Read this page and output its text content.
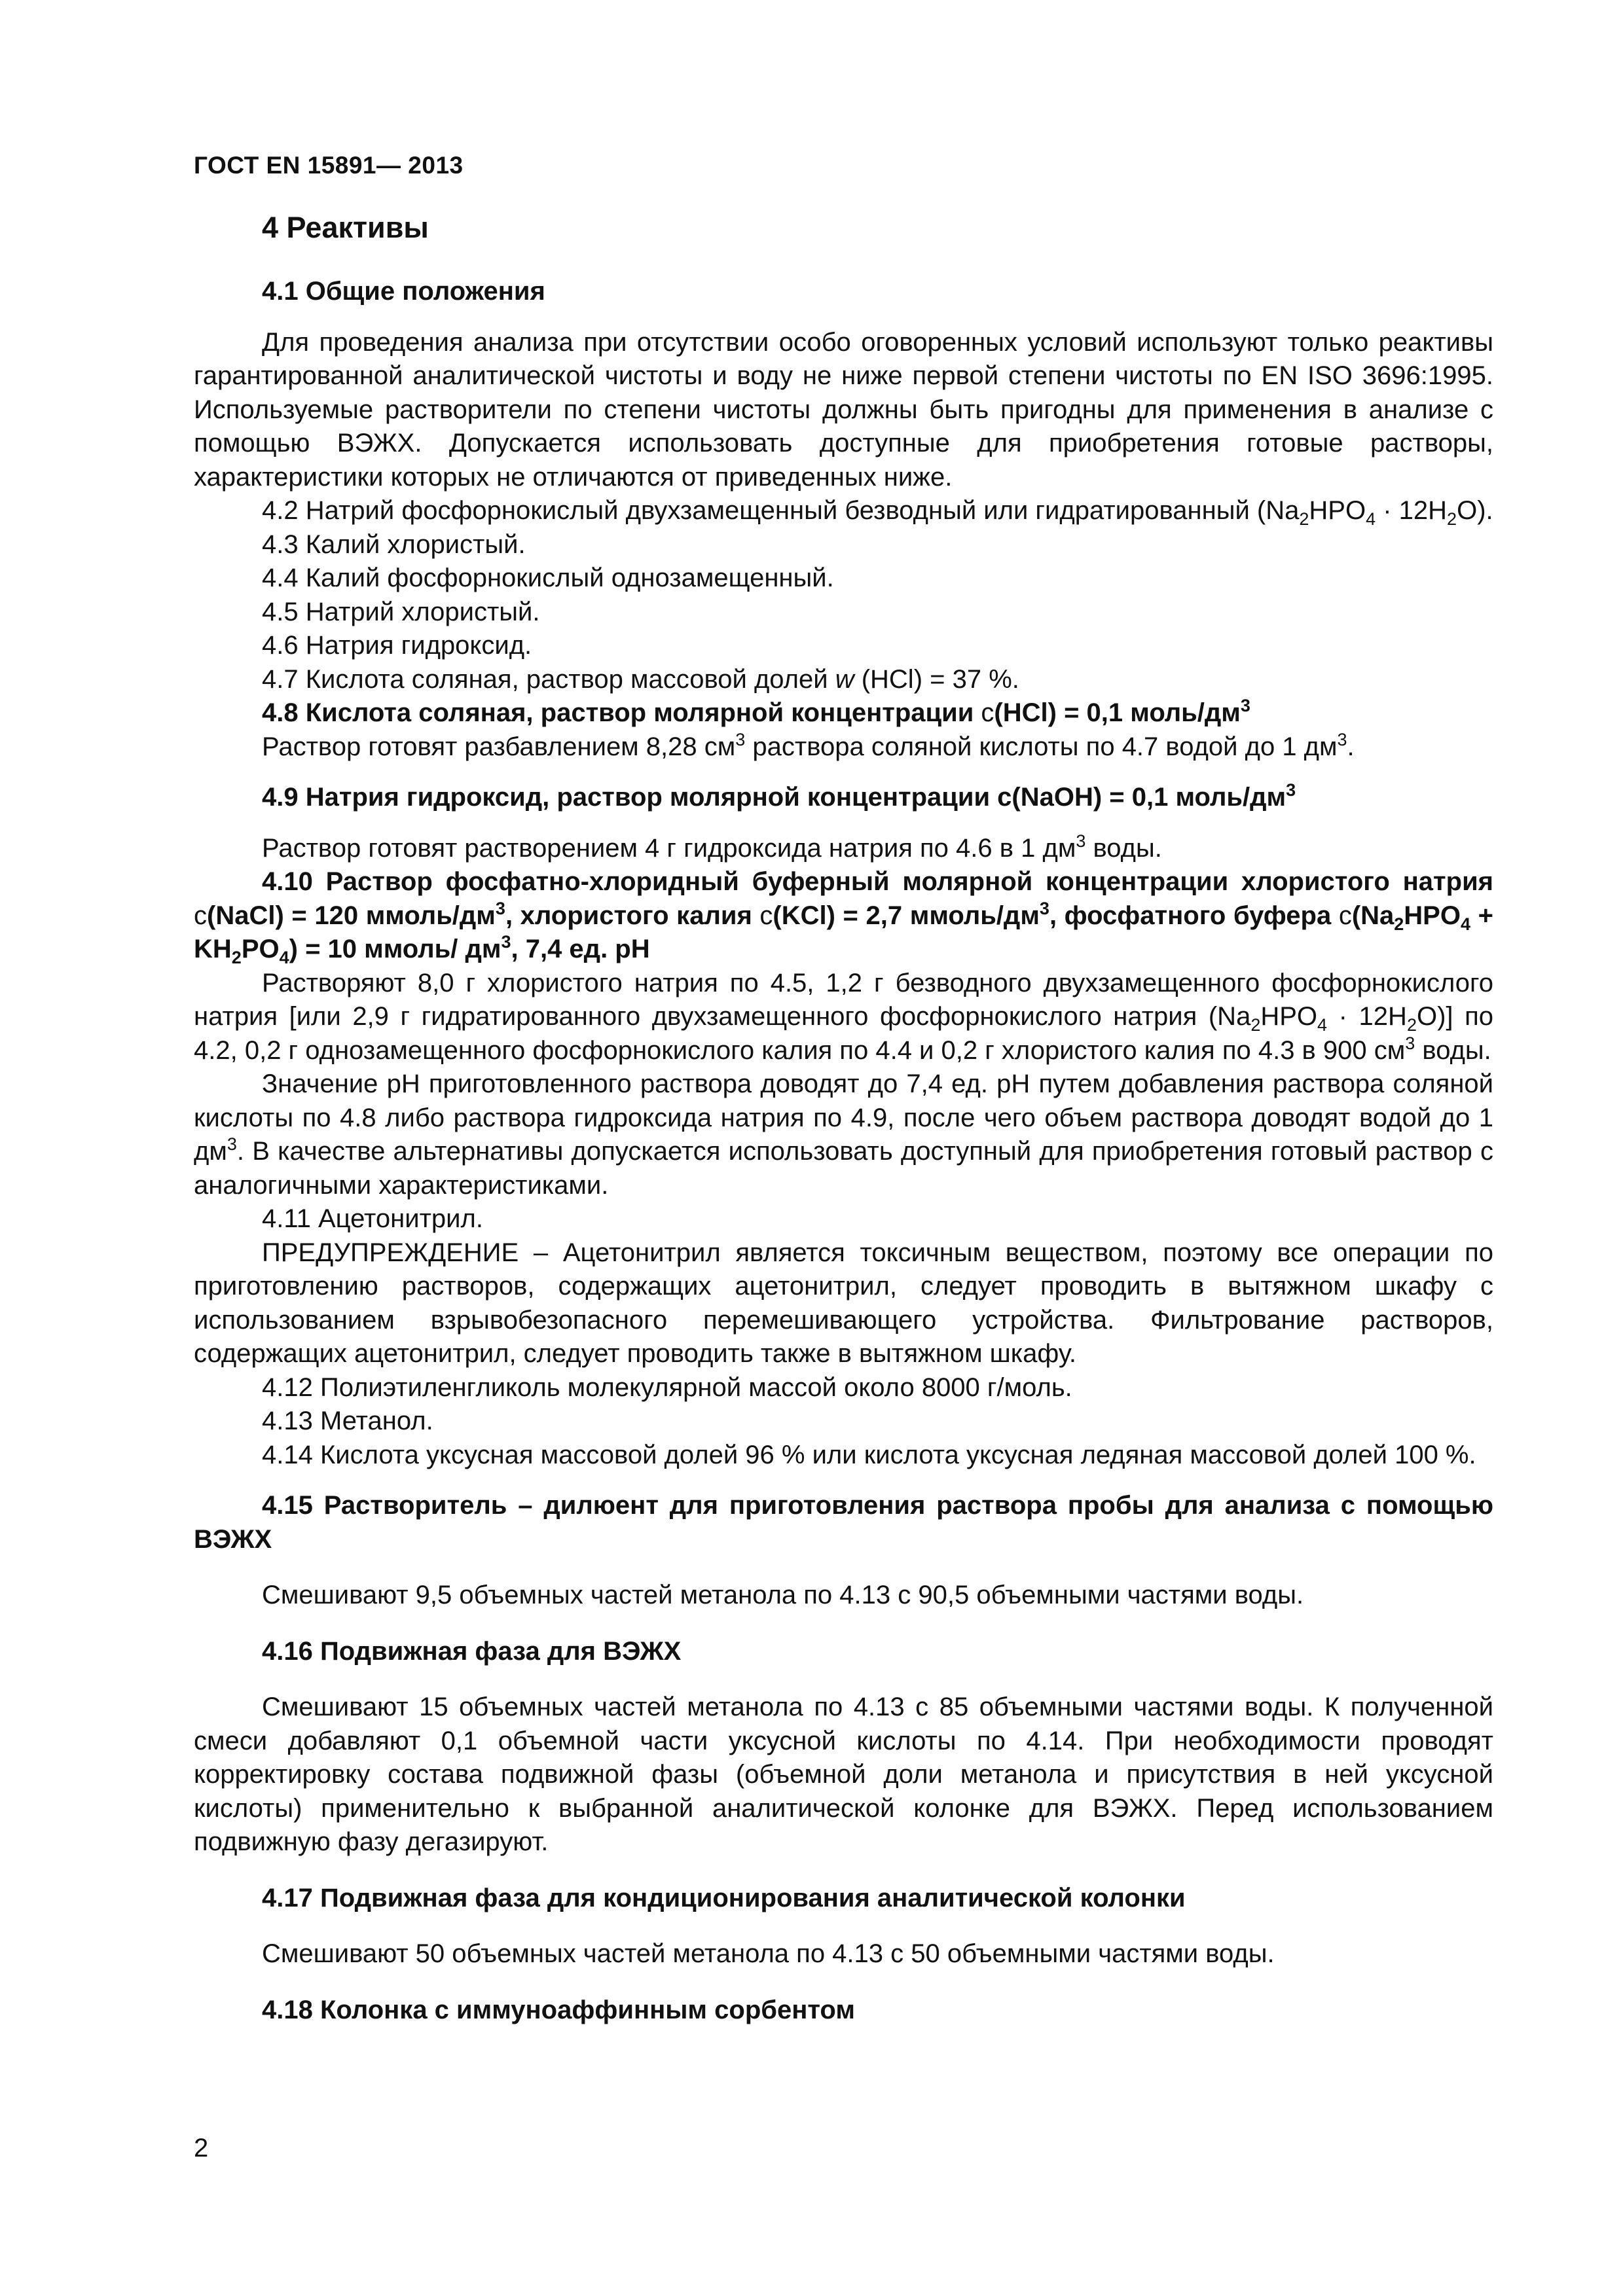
ГОСТ EN 15891— 2013
4 Реактивы

4.1 Общие положения

Для проведения анализа при отсутствии особо оговоренных условий используют только реактивы гарантированной аналитической чистоты и воду не ниже первой степени чистоты по EN ISO 3696:1995. Используемые растворители по степени чистоты должны быть пригодны для применения в анализе с помощью ВЭЖХ. Допускается использовать доступные для приобретения готовые растворы, характеристики которых не отличаются от приведенных ниже.

4.2 Натрий фосфорнокислый двухзамещенный безводный или гидратированный $(Na_2HPO_4 \cdot 12H_2O)$.

4.3 Калий хлористый.

4.4 Калий фосфорнокислый однозамещенный.

4.5 Натрий хлористый.

4.6 Натрия гидроксид.

4.7 Кислота соляная, раствор массовой долей w (HCl) = 37 %.

4.8 Кислота соляная, раствор молярной концентрации с(HCl) = 0,1 моль/$дм^3$

Раствор готовят разбавлением 8,28 $см^3$ раствора соляной кислоты по 4.7 водой до 1 $дм^3$.

4.9 Натрия гидроксид, раствор молярной концентрации с(NaOH) = 0,1 моль/$дм^3$

Раствор готовят растворением 4 г гидроксида натрия по 4.6 в 1 $дм^3$ воды.

4.10 Раствор фосфатно-хлоридный буферный молярной концентрации хлористого натрия с(NaCl) = 120 ммоль/$дм^3$, хлористого калия с(KCl) = 2,7 ммоль/$дм^3$, фосфатного буфера $с(Na_2HPO_4 + KH_2PO_4) = 10$ ммоль/ $дм^3$, 7,4 ед. pH

Растворяют 8,0 г хлористого натрия по 4.5, 1,2 г безводного двухзамещенного фосфорнокислого натрия [или 2,9 г гидратированного двухзамещенного фосфорнокислого натрия $(Na_2HPO_4 \cdot 12H_2O)$] по 4.2, 0,2 г однозамещенного фосфорнокислого калия по 4.4 и 0,2 г хлористого калия по 4.3 в 900 $см^3$ воды.

Значение pH приготовленного раствора доводят до 7,4 ед. pH путем добавления раствора соляной кислоты по 4.8 либо раствора гидроксида натрия по 4.9, после чего объем раствора доводят водой до 1 $дм^3$. В качестве альтернативы допускается использовать доступный для приобретения готовый раствор с аналогичными характеристиками.

4.11 Ацетонитрил.

ПРЕДУПРЕЖДЕНИЕ – Ацетонитрил является токсичным веществом, поэтому все операции по приготовлению растворов, содержащих ацетонитрил, следует проводить в вытяжном шкафу с использованием взрывобезопасного перемешивающего устройства. Фильтрование растворов, содержащих ацетонитрил, следует проводить также в вытяжном шкафу.

4.12 Полиэтиленгликоль молекулярной массой около 8000 г/моль.

4.13 Метанол.

4.14 Кислота уксусная массовой долей 96 % или кислота уксусная ледяная массовой долей 100 %.

4.15 Растворитель – дилюент для приготовления раствора пробы для анализа с помощью ВЭЖХ

Смешивают 9,5 объемных частей метанола по 4.13 с 90,5 объемными частями воды.

4.16 Подвижная фаза для ВЭЖХ

Смешивают 15 объемных частей метанола по 4.13 с 85 объемными частями воды. К полученной смеси добавляют 0,1 объемной части уксусной кислоты по 4.14. При необходимости проводят корректировку состава подвижной фазы (объемной доли метанола и присутствия в ней уксусной кислоты) применительно к выбранной аналитической колонке для ВЭЖХ. Перед использованием подвижную фазу дегазируют.

4.17 Подвижная фаза для кондиционирования аналитической колонки

Смешивают 50 объемных частей метанола по 4.13 с 50 объемными частями воды.

4.18 Колонка с иммуноаффинным сорбентом

2
